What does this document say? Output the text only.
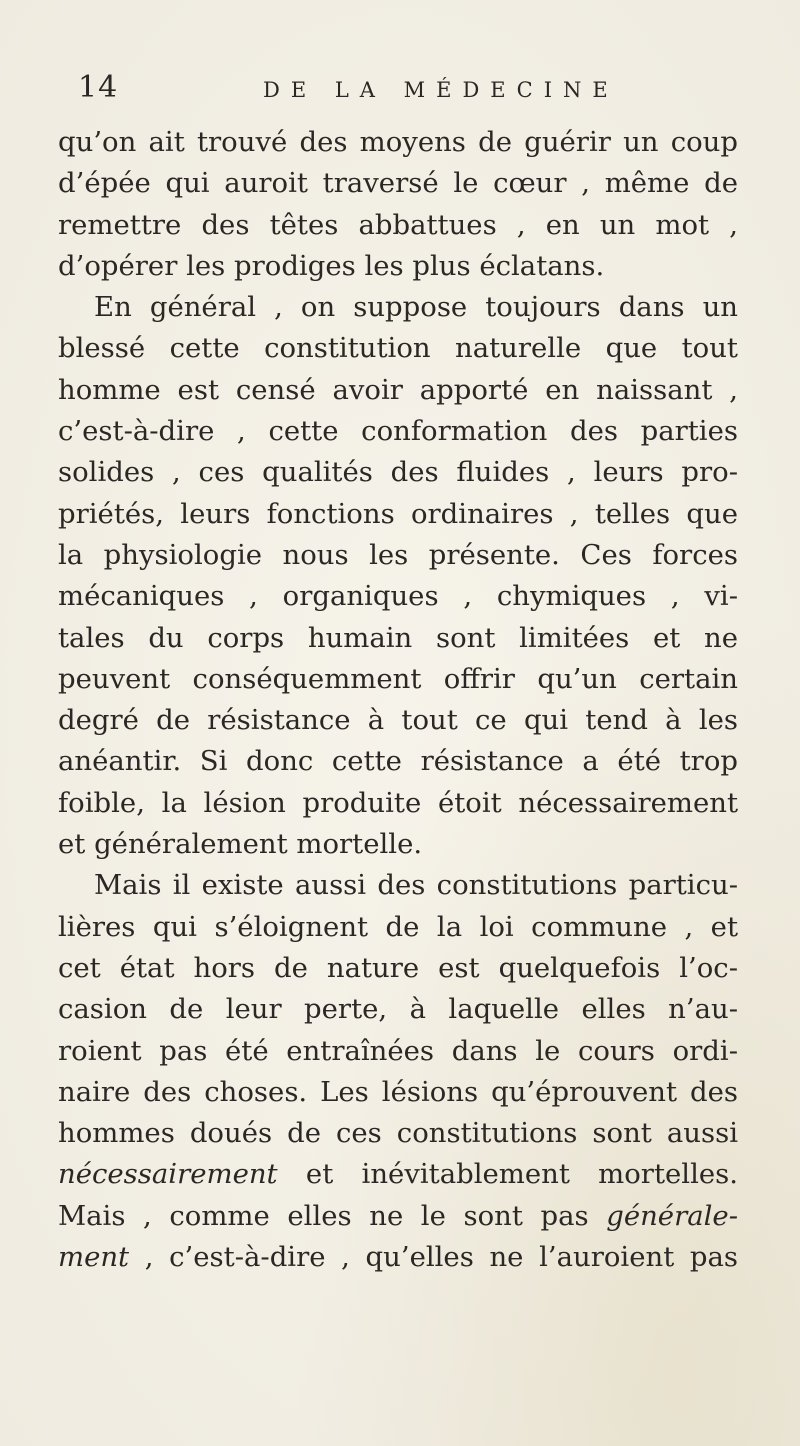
14	DE LA MÉDECINE
qu’on ait trouvé des moyens de guérir un coup
d’épée qui auroit traversé le cœur , même de
remettre des têtes abbattues , en un mot ,
d’opérer les prodiges les plus éclatans.
En général , on suppose toujours dans un
blessé cette constitution naturelle que tout
homme est censé avoir apporté en naissant ,
c’est-à-dire , cette conformation des parties
solides , ces qualités des fluides , leurs pro-
priétés, leurs fonctions ordinaires , telles que
la physiologie nous les présente. Ces forces
mécaniques , organiques , chymiques , vi-
tales du corps humain sont limitées et ne
peuvent conséquemment offrir qu’un certain
degré de résistance à tout ce qui tend à les
anéantir. Si donc cette résistance a été trop
foible, la lésion produite étoit nécessairement
et généralement mortelle.
Mais il existe aussi des constitutions particu-
lières qui s’éloignent de la loi commune , et
cet état hors de nature est quelquefois l’oc-
casion de leur perte, à laquelle elles n’au-
roient pas été entraînées dans le cours ordi-
naire des choses. Les lésions qu’éprouvent des
hommes doués de ces constitutions sont aussi
nécessairement et inévitablement mortelles.
Mais , comme elles ne le sont pas générale-
ment , c’est-à-dire , qu’elles ne l’auroient pas
